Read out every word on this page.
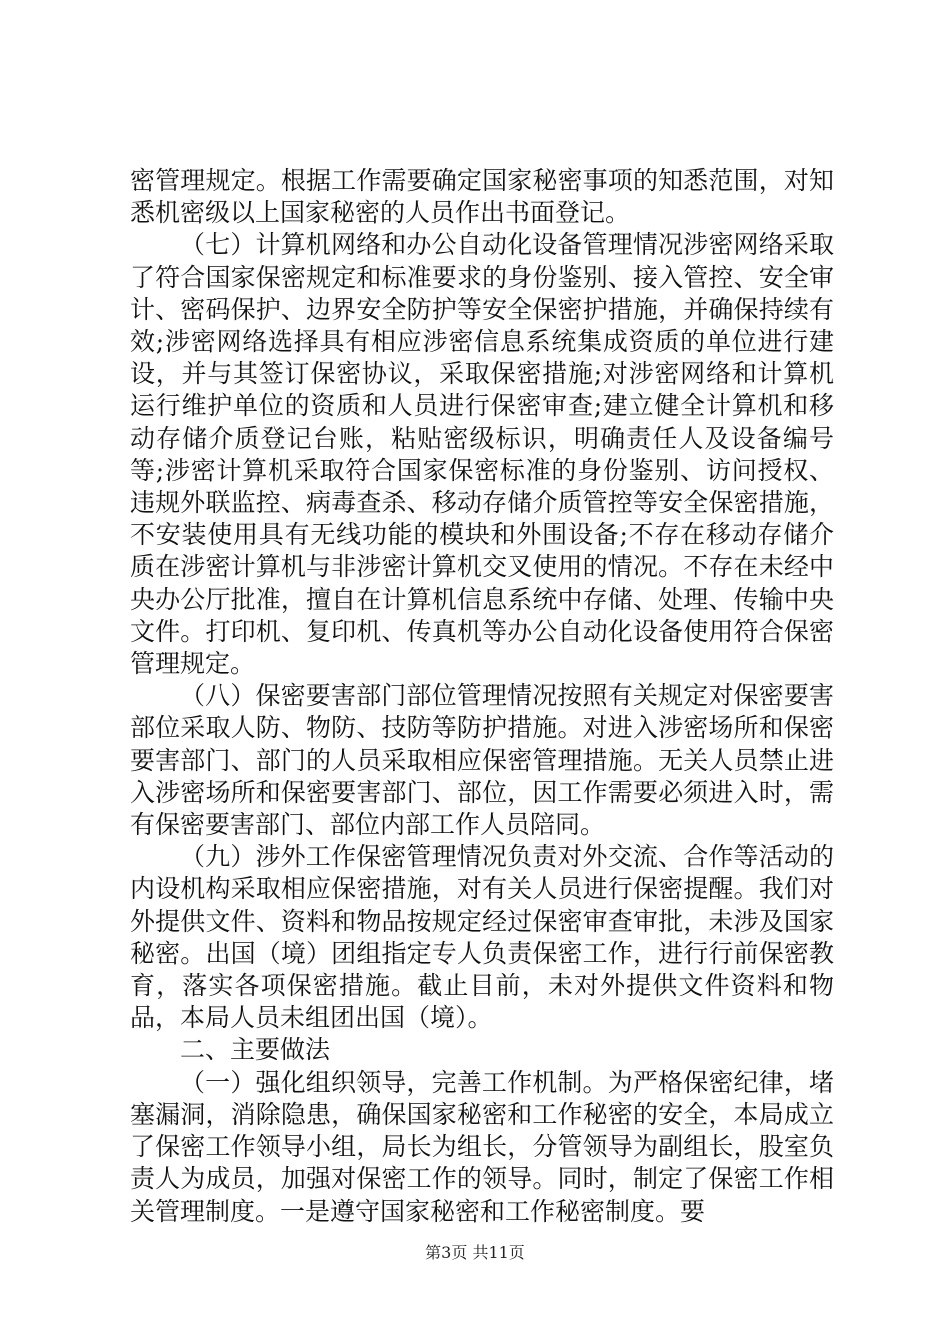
密管理规定。根据工作需要确定国家秘密事项的知悉范围，对知悉机密级以上国家秘密的人员作出书面登记。

（七）计算机网络和办公自动化设备管理情况涉密网络采取了符合国家保密规定和标准要求的身份鉴别、接入管控、安全审计、密码保护、边界安全防护等安全保密护措施，并确保持续有效;涉密网络选择具有相应涉密信息系统集成资质的单位进行建设，并与其签订保密协议，采取保密措施;对涉密网络和计算机运行维护单位的资质和人员进行保密审查;建立健全计算机和移动存储介质登记台账，粘贴密级标识，明确责任人及设备编号等;涉密计算机采取符合国家保密标准的身份鉴别、访问授权、违规外联监控、病毒查杀、移动存储介质管控等安全保密措施，不安装使用具有无线功能的模块和外围设备;不存在移动存储介质在涉密计算机与非涉密计算机交叉使用的情况。不存在未经中央办公厅批准，擅自在计算机信息系统中存储、处理、传输中央文件。打印机、复印机、传真机等办公自动化设备使用符合保密管理规定。

（八）保密要害部门部位管理情况按照有关规定对保密要害部位采取人防、物防、技防等防护措施。对进入涉密场所和保密要害部门、部门的人员采取相应保密管理措施。无关人员禁止进入涉密场所和保密要害部门、部位，因工作需要必须进入时，需有保密要害部门、部位内部工作人员陪同。

（九）涉外工作保密管理情况负责对外交流、合作等活动的内设机构采取相应保密措施，对有关人员进行保密提醒。我们对外提供文件、资料和物品按规定经过保密审查审批，未涉及国家秘密。出国（境）团组指定专人负责保密工作，进行行前保密教育，落实各项保密措施。截止目前，未对外提供文件资料和物品，本局人员未组团出国（境）。

二、主要做法

（一）强化组织领导，完善工作机制。为严格保密纪律，堵塞漏洞，消除隐患，确保国家秘密和工作秘密的安全，本局成立了保密工作领导小组，局长为组长，分管领导为副组长，股室负责人为成员，加强对保密工作的领导。同时，制定了保密工作相关管理制度。一是遵守国家秘密和工作秘密制度。要

第3页 共11页
